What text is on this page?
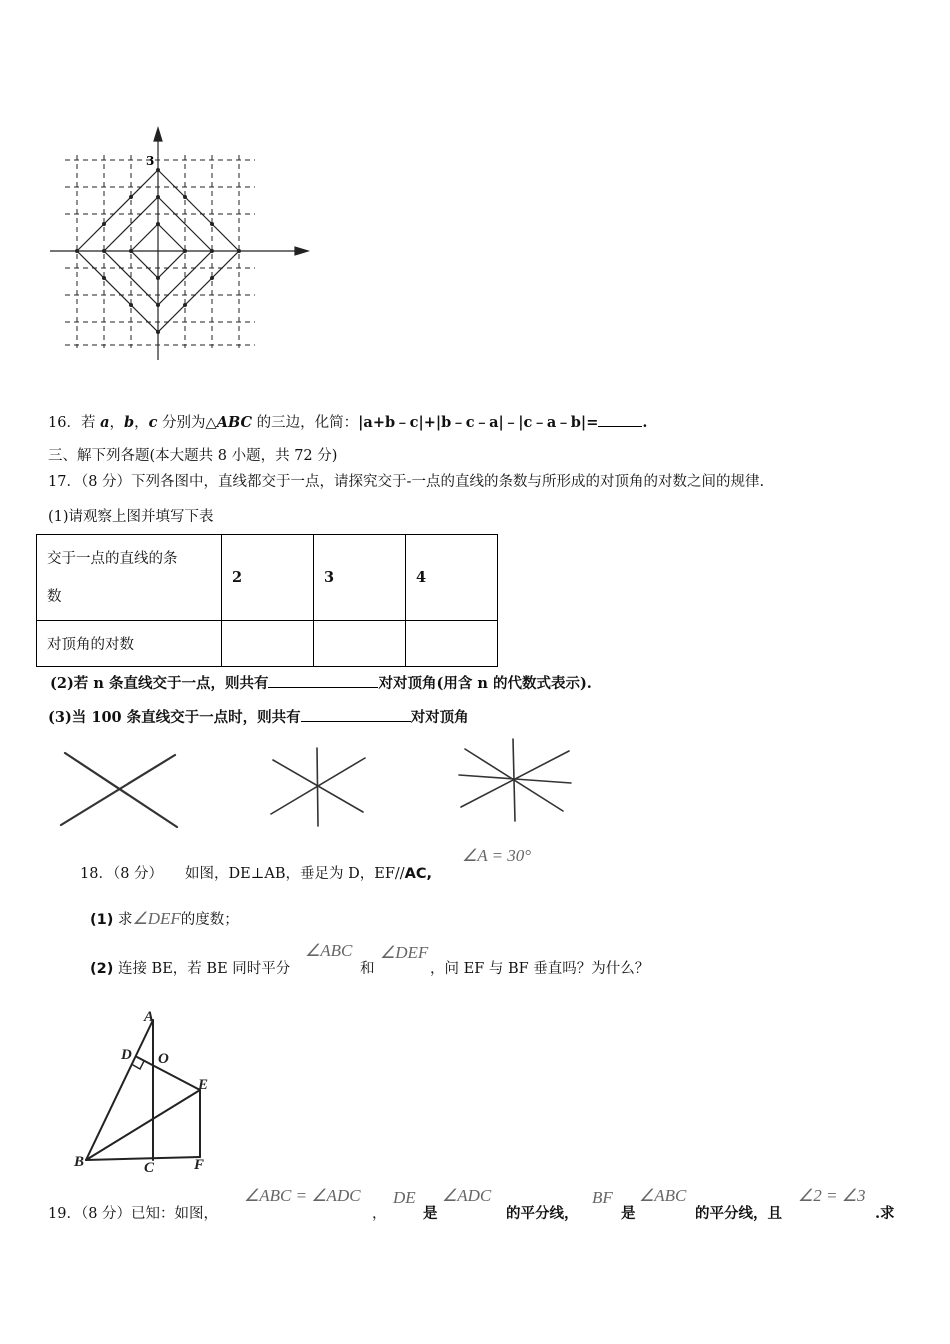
3
16．若 a，b，c 分别为△ABC 的三边，化简：|a+b﹣c|+|b﹣c﹣a|﹣|c﹣a﹣b|=	.
三、解下列各题(本大题共 8 小题，共 72 分)
17．（8 分）下列各图中，直线都交于一点，请探究交于-一点的直线的条数与所形成的对顶角的对数之间的规律.
(1)请观察上图并填写下表
交于一点的直线的条
数	2	3	4
对顶角的对数			
(2)若 n 条直线交于一点，则共有	对对顶角(用含 n 的代数式表示).
(3)当 100 条直线交于一点时，则共有	对对顶角
18．（8 分） 如图，DE⊥AB，垂足为 D，EF//AC,
∠A = 30°
(1) 求∠DEF的度数；
(2) 连接 BE，若 BE 同时平分
∠ABC
和
∠DEF
，问 EF 与 BF 垂直吗？为什么？
A
D O
E
B	C	F
19．（8 分）已知：如图，
∠ABC = ∠ADC
，
DE
是
∠ADC
的平分线，
BF
是
∠ABC
的平分线，且
∠2 = ∠3
.求
